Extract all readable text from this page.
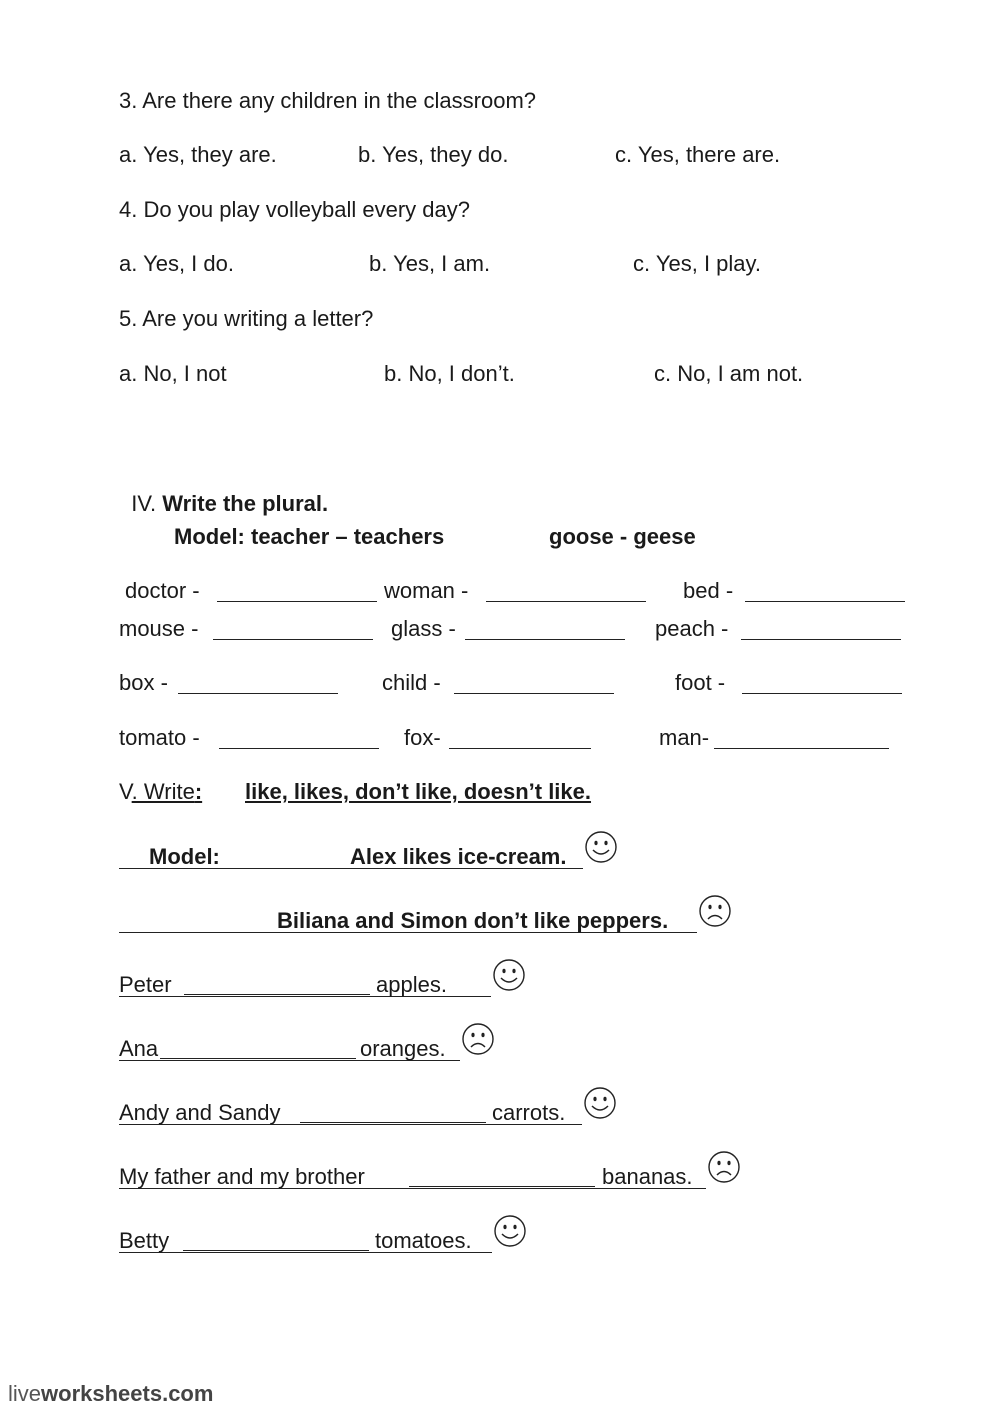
3. Are there any children in the classroom?
a. Yes, they are.	b. Yes, they do.	c. Yes, there are.
4. Do you play volleyball every day?
a. Yes, I do.	b. Yes, I am.	c. Yes, I play.
5. Are you writing a letter?
a. No, I not	b. No, I don’t.	c. No, I am not.

IV. Write the plural.

Model: teacher – teachers	goose - geese
doctor -	woman -	bed -
mouse -	glass -	peach -
box -	child -	foot -
tomato -	fox-	man-
V. Write: like, likes, don’t like, doesn’t like.
Model:	Alex likes ice-cream.
Biliana and Simon don’t like peppers.
Peter	apples.
Ana	oranges.
Andy and Sandy	carrots.
My father and my brother	bananas.
Betty	tomatoes.
liveworksheets.com
